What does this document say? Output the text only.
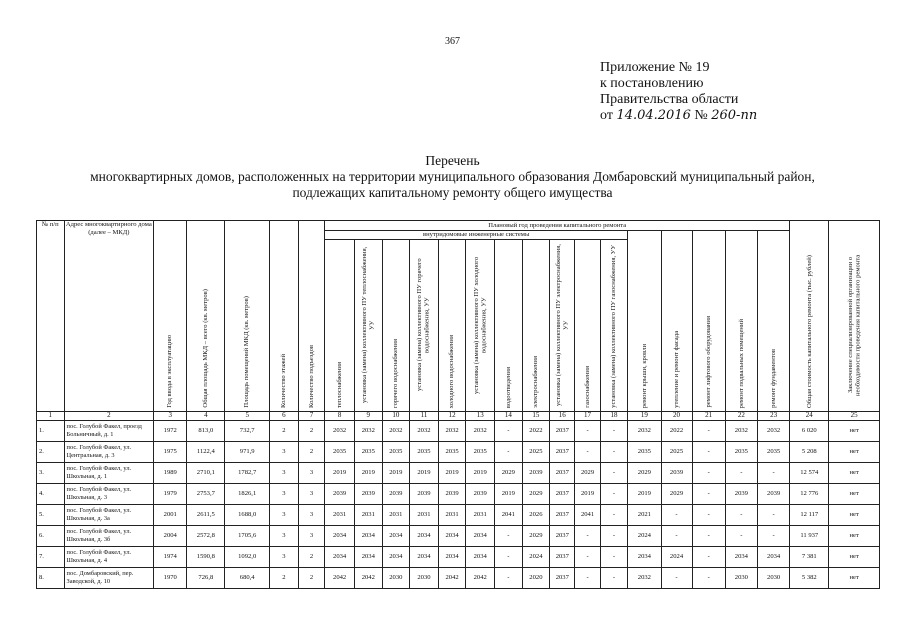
367
Приложение № 19
к постановлению
Правительства области
от 14.04.2016 № 260-пп
Перечень
многоквартирных домов, расположенных на территории муниципального образования Домбаровский муниципальный район,
подлежащих капитальному ремонту общего имущества
№ п/п	Адрес многоквартирного дома (далее – МКД)	Год ввода в эксплуатацию	Общая площадь МКД – всего (кв. метров)	Площадь помещений МКД (кв. метров)	Количество этажей	Количество подъездов	Плановый год проведения капитального ремонта																Общая стоимость капитального ремонта (тыс. рублей)	Заключение специализированной организации о необходимости проведения капитального ремонта
							внутридомовые инженерные системы											ремонт крыши, кровли	утепление и ремонт фасада	ремонт лифтового оборудования	ремонт подвальных помещений	ремонт фундаментов		
							теплоснабжения	установка (замена) коллективного ПУ теплоснабжения, УУ	горячего водоснабжения	установка (замена) коллективного ПУ горячего водоснабжения, УУ	холодного водоснабжения	установка (замена) коллективного ПУ холодного водоснабжения, УУ	водоотведения	электроснабжения	установка (замена) коллективного ПУ электроснабжения, УУ	газоснабжения	установка (замена) коллективного ПУ газоснабжения, УУ							
1	2	3	4	5	6	7	8	9	10	11	12	13	14	15	16	17	18	19	20	21	22	23	24	25
1.	пос. Голубой Факел, проезд Больничный, д. 1	1972	813,0	732,7	2	2	2032	2032	2032	2032	2032	2032	-	2022	2037	-	-	2032	2022	-	2032	2032	6 020	нет
2.	пос. Голубой Факел, ул. Центральная, д. 3	1975	1122,4	971,9	3	2	2035	2035	2035	2035	2035	2035	-	2025	2037	-	-	2035	2025	-	2035	2035	5 208	нет
3.	пос. Голубой Факел, ул. Школьная, д. 1	1989	2710,1	1782,7	3	3	2019	2019	2019	2019	2019	2019	2029	2039	2037	2029	-	2029	2039	-	-	-	12 574	нет
4.	пос. Голубой Факел, ул. Школьная, д. 3	1979	2753,7	1826,1	3	3	2039	2039	2039	2039	2039	2039	2019	2029	2037	2019	-	2019	2029	-	2039	2039	12 776	нет
5.	пос. Голубой Факел, ул. Школьная, д. 3а	2001	2611,5	1688,0	3	3	2031	2031	2031	2031	2031	2031	2041	2026	2037	2041	-	2021	-	-	-	-	12 117	нет
6.	пос. Голубой Факел, ул. Школьная, д. 3б	2004	2572,8	1705,6	3	3	2034	2034	2034	2034	2034	2034	-	2029	2037	-	-	2024	-	-	-	-	11 937	нет
7.	пос. Голубой Факел, ул. Школьная, д. 4	1974	1590,8	1092,0	3	2	2034	2034	2034	2034	2034	2034	-	2024	2037	-	-	2034	2024	-	2034	2034	7 381	нет
8.	пос. Домбаровский, пер. Заводской, д. 10	1970	726,8	680,4	2	2	2042	2042	2030	2030	2042	2042	-	2020	2037	-	-	2032	-	-	2030	2030	5 382	нет
